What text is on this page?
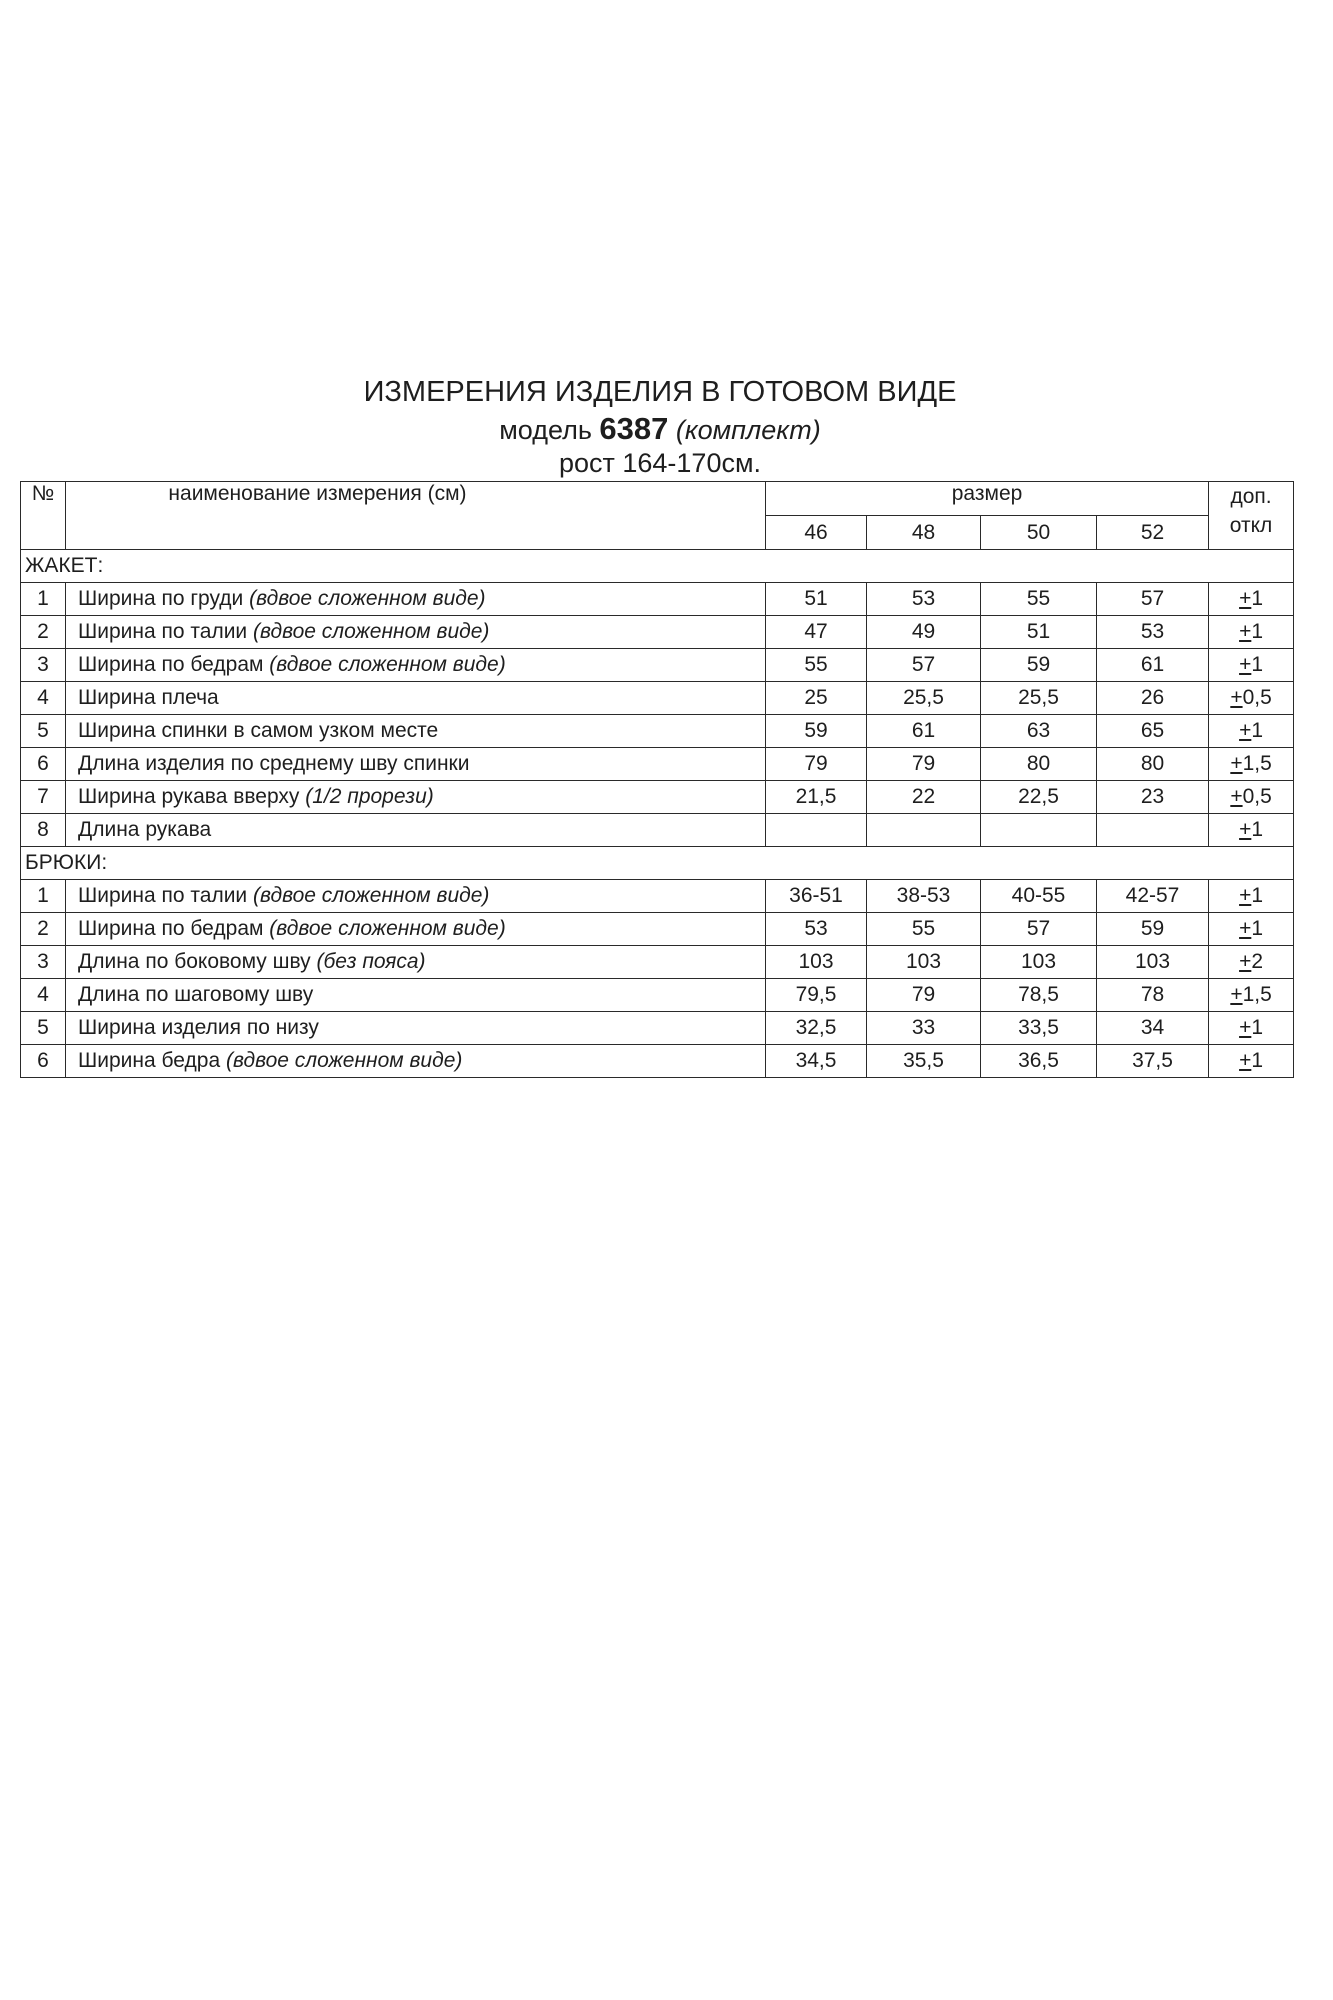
ИЗМЕРЕНИЯ ИЗДЕЛИЯ В ГОТОВОМ ВИДЕ
модель 6387 (комплект)
рост 164-170см.
№	наименование измерения (см)	размер				доп.
откл
		46	48	50	52	
ЖАКЕТ:						
1	Ширина по груди (вдвое сложенном виде)	51	53	55	57	+1
2	Ширина по талии (вдвое сложенном виде)	47	49	51	53	+1
3	Ширина по бедрам (вдвое сложенном виде)	55	57	59	61	+1
4	Ширина плеча	25	25,5	25,5	26	+0,5
5	Ширина спинки в самом узком месте	59	61	63	65	+1
6	Длина изделия по среднему шву спинки	79	79	80	80	+1,5
7	Ширина рукава вверху (1/2 прорези)	21,5	22	22,5	23	+0,5
8	Длина рукава					+1
БРЮКИ:						
1	Ширина по талии (вдвое сложенном виде)	36-51	38-53	40-55	42-57	+1
2	Ширина по бедрам (вдвое сложенном виде)	53	55	57	59	+1
3	Длина по боковому шву (без пояса)	103	103	103	103	+2
4	Длина по шаговому шву	79,5	79	78,5	78	+1,5
5	Ширина изделия по низу	32,5	33	33,5	34	+1
6	Ширина бедра (вдвое сложенном виде)	34,5	35,5	36,5	37,5	+1
